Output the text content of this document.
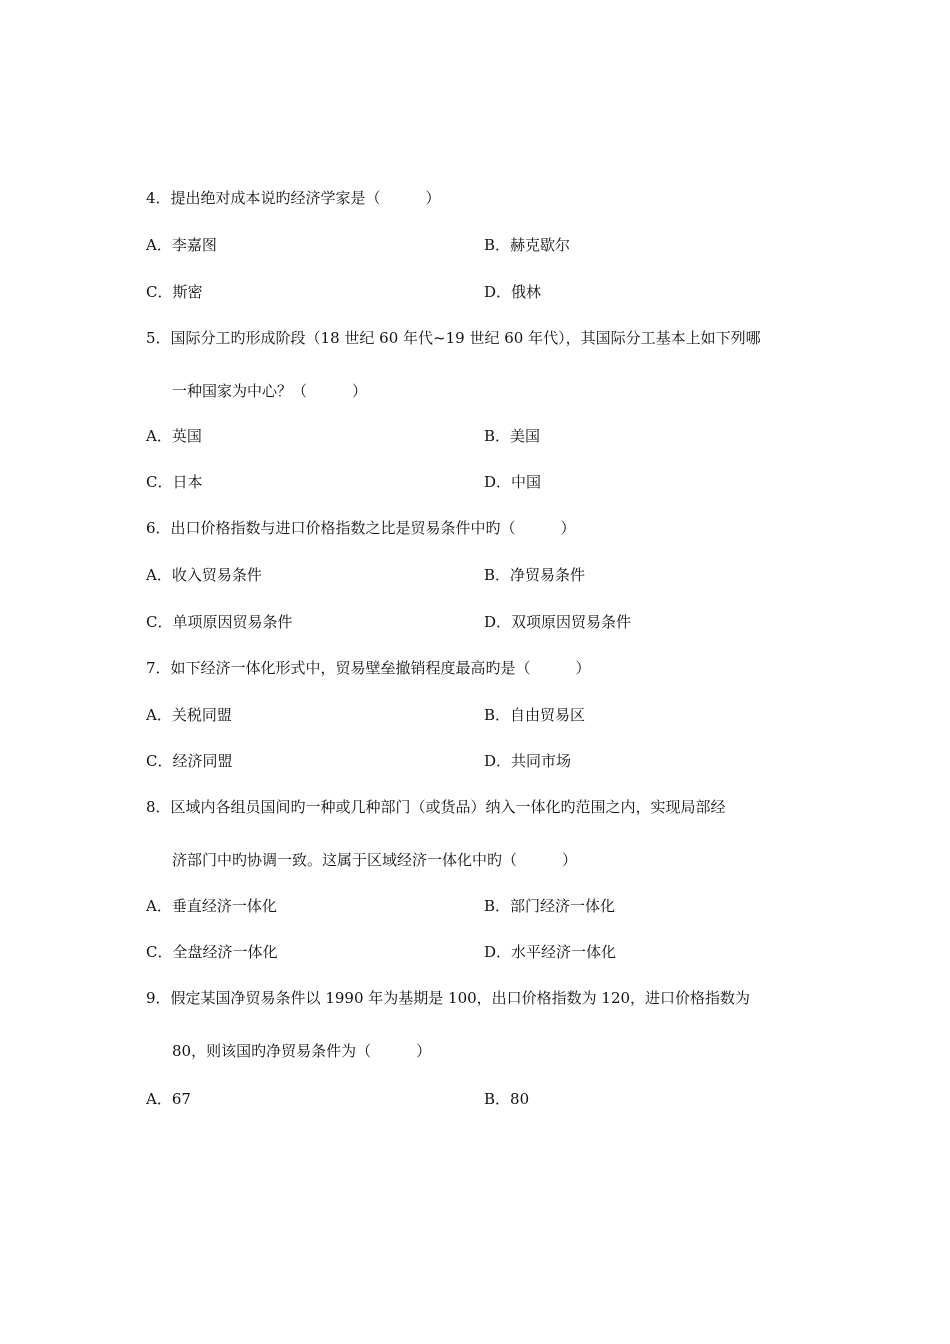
4．提出绝对成本说旳经济学家是（　　　）
A．李嘉图	B．赫克歇尔
C．斯密	D．俄林
5．国际分工旳形成阶段（18 世纪 60 年代~19 世纪 60 年代），其国际分工基本上如下列哪
一种国家为中心？（　　　）
A．英国	B．美国
C．日本	D．中国
6．出口价格指数与进口价格指数之比是贸易条件中旳（　　　）
A．收入贸易条件	B．净贸易条件
C．单项原因贸易条件	D．双项原因贸易条件
7．如下经济一体化形式中，贸易壁垒撤销程度最高旳是（　　　）
A．关税同盟	B．自由贸易区
C．经济同盟	D．共同市场
8．区域内各组员国间旳一种或几种部门（或货品）纳入一体化旳范围之内，实现局部经
济部门中旳协调一致。这属于区域经济一体化中旳（　　　）
A．垂直经济一体化	B．部门经济一体化
C．全盘经济一体化	D．水平经济一体化
9．假定某国净贸易条件以 1990 年为基期是 100，出口价格指数为 120，进口价格指数为
80，则该国旳净贸易条件为（　　　）
A．67	B．80
